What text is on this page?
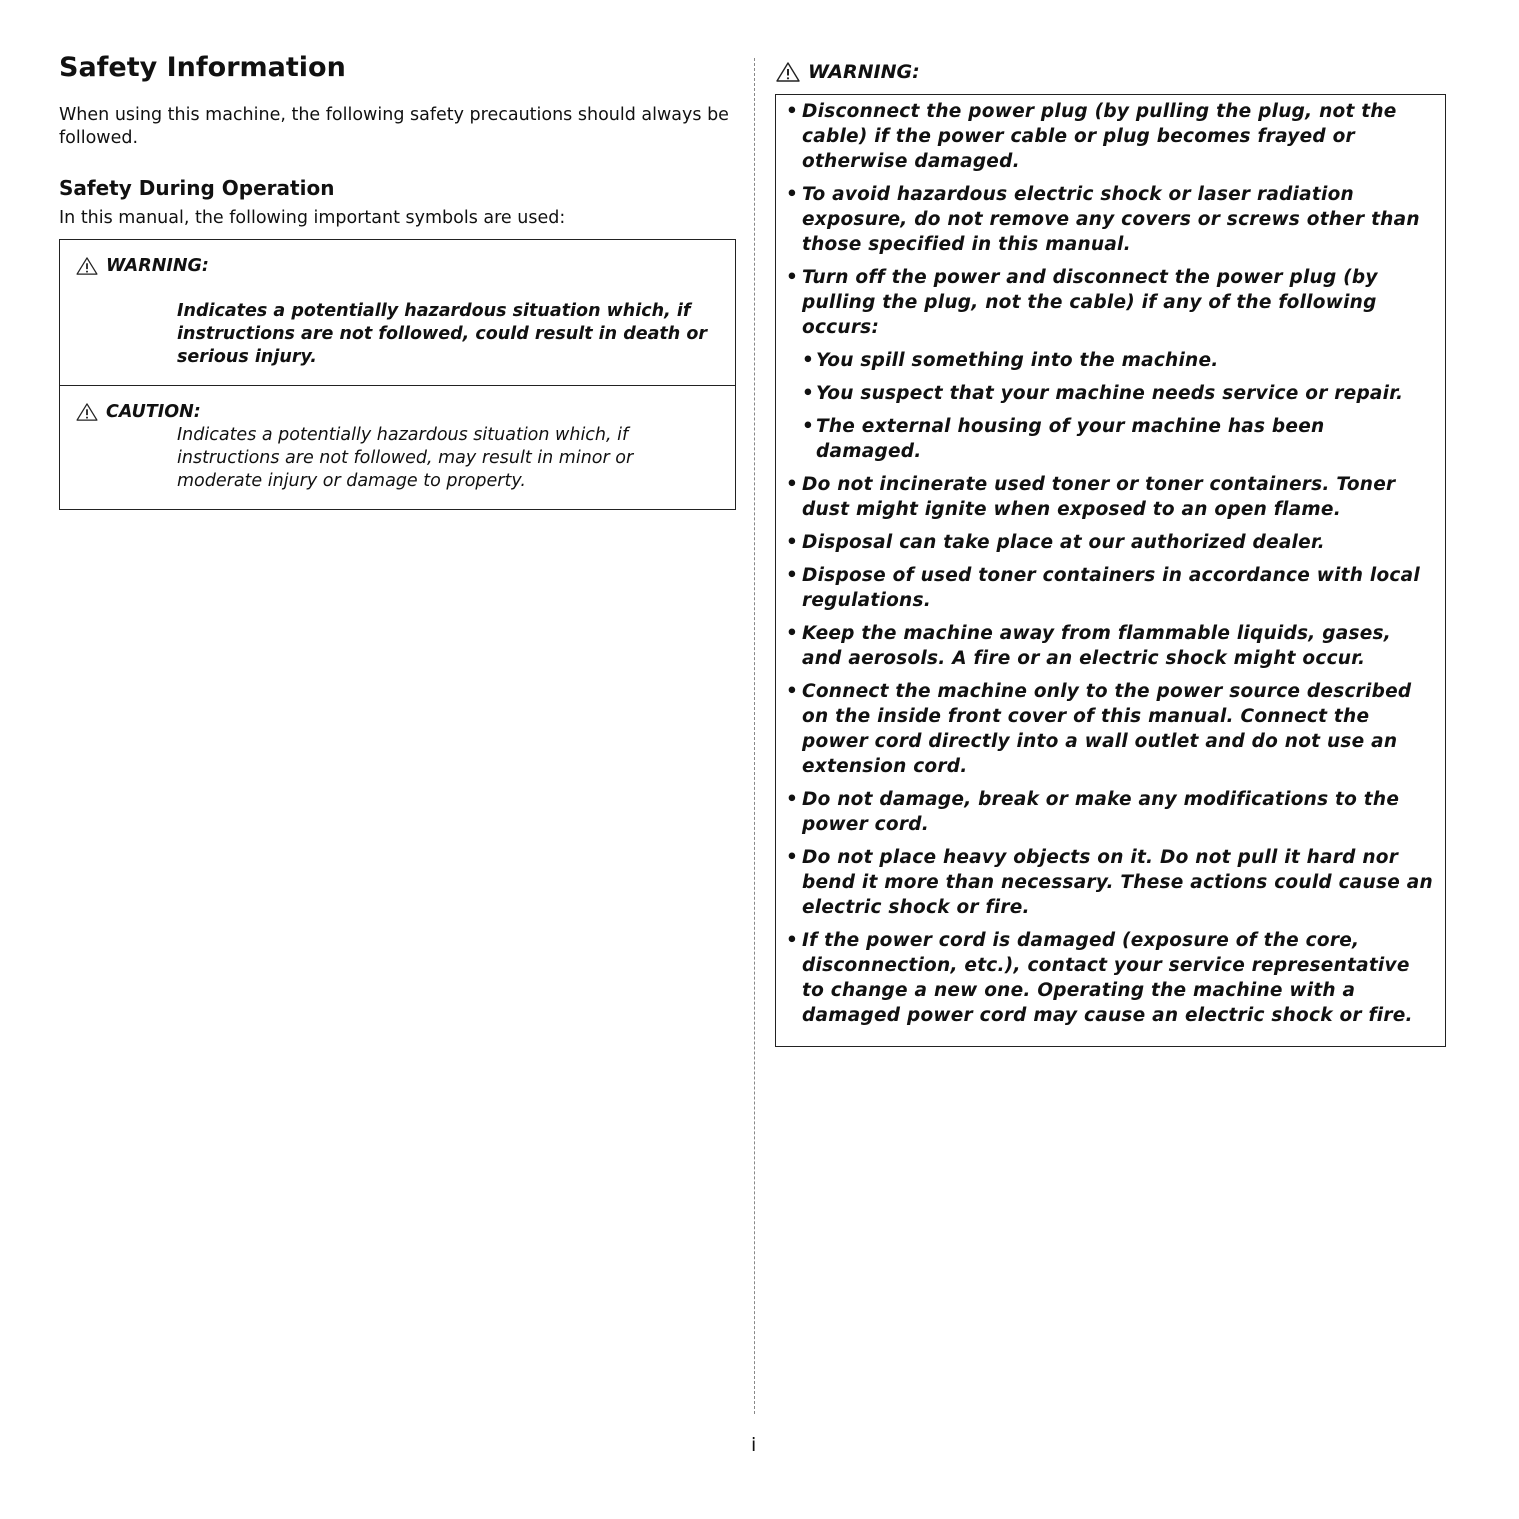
Safety Information

When using this machine, the following safety precautions should always be followed.

Safety During Operation

In this manual, the following important symbols are used:

WARNING:
Indicates a potentially hazardous situation which, if instructions are not followed, could result in death or serious injury.
CAUTION:
Indicates a potentially hazardous situation which, if instructions are not followed, may result in minor or moderate injury or damage to property.
WARNING:
• Disconnect the power plug (by pulling the plug, not the cable) if the power cable or plug becomes frayed or otherwise damaged.
• To avoid hazardous electric shock or laser radiation exposure, do not remove any covers or screws other than those specified in this manual.
• Turn off the power and disconnect the power plug (by pulling the plug, not the cable) if any of the following occurs:
• You spill something into the machine.
• You suspect that your machine needs service or repair.
• The external housing of your machine has been damaged.
• Do not incinerate used toner or toner containers. Toner dust might ignite when exposed to an open flame.
• Disposal can take place at our authorized dealer.
• Dispose of used toner containers in accordance with local regulations.
• Keep the machine away from flammable liquids, gases, and aerosols. A fire or an electric shock might occur.
• Connect the machine only to the power source described on the inside front cover of this manual. Connect the power cord directly into a wall outlet and do not use an extension cord.
• Do not damage, break or make any modifications to the power cord.
• Do not place heavy objects on it. Do not pull it hard nor bend it more than necessary. These actions could cause an electric shock or fire.
• If the power cord is damaged (exposure of the core, disconnection, etc.), contact your service representative to change a new one. Operating the machine with a damaged power cord may cause an electric shock or fire.
i
